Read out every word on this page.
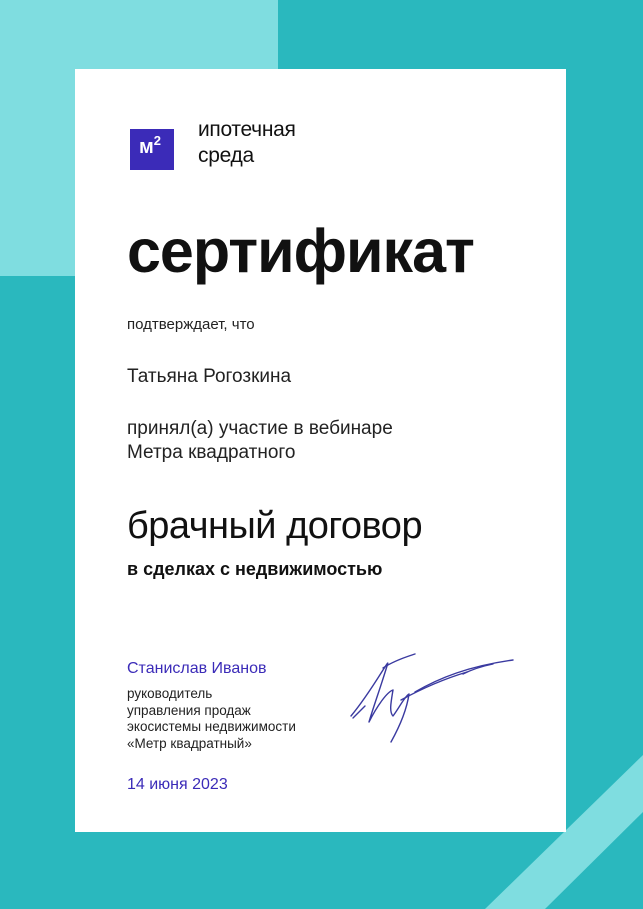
$м^2$ ипотечная
среда
сертификат
подтверждает, что
Татьяна Рогозкина
принял(а) участие в вебинаре
Метра квадратного
брачный договор
в сделках с недвижимостью
Станислав Иванов
руководитель
управления продаж
экосистемы недвижимости
«Метр квадратный»
14 июня 2023
